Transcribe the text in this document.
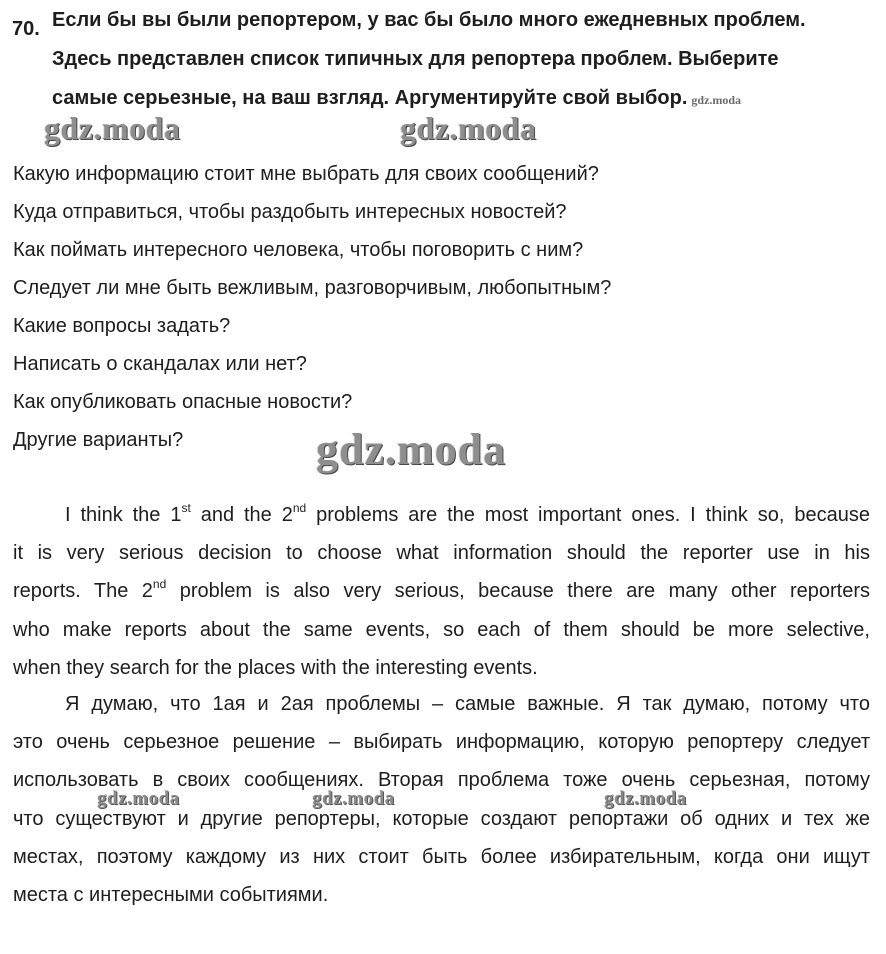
70. Если бы вы были репортером, у вас бы было много ежедневных проблем.
Здесь представлен список типичных для репортера проблем. Выберите
самые серьезные, на ваш взгляд. Аргументируйте свой выбор. gdz.moda
gdz.moda	gdz.moda
Какую информацию стоит мне выбрать для своих сообщений?
Куда отправиться, чтобы раздобыть интересных новостей?
Как поймать интересного человека, чтобы поговорить с ним?
Следует ли мне быть вежливым, разговорчивым, любопытным?
Какие вопросы задать?
Написать о скандалах или нет?
Как опубликовать опасные новости?
Другие варианты?	gdz.moda

I think the 1st and the 2nd problems are the most important ones. I think so, because
it is very serious decision to choose what information should the reporter use in his
reports. The 2nd problem is also very serious, because there are many other reporters
who make reports about the same events, so each of them should be more selective,
when they search for the places with the interesting events.

Я думаю, что 1ая и 2ая проблемы – самые важные. Я так думаю, потому что
это очень серьезное решение – выбирать информацию, которую репортеру следует
использовать в своих сообщениях. Вторая проблема тоже очень серьезная, потому
что существуют и другие репортеры, которые создают репортажи об одних и тех же
местах, поэтому каждому из них стоит быть более избирательным, когда они ищут
места с интересными событиями.

gdz.moda	gdz.moda	gdz.moda
